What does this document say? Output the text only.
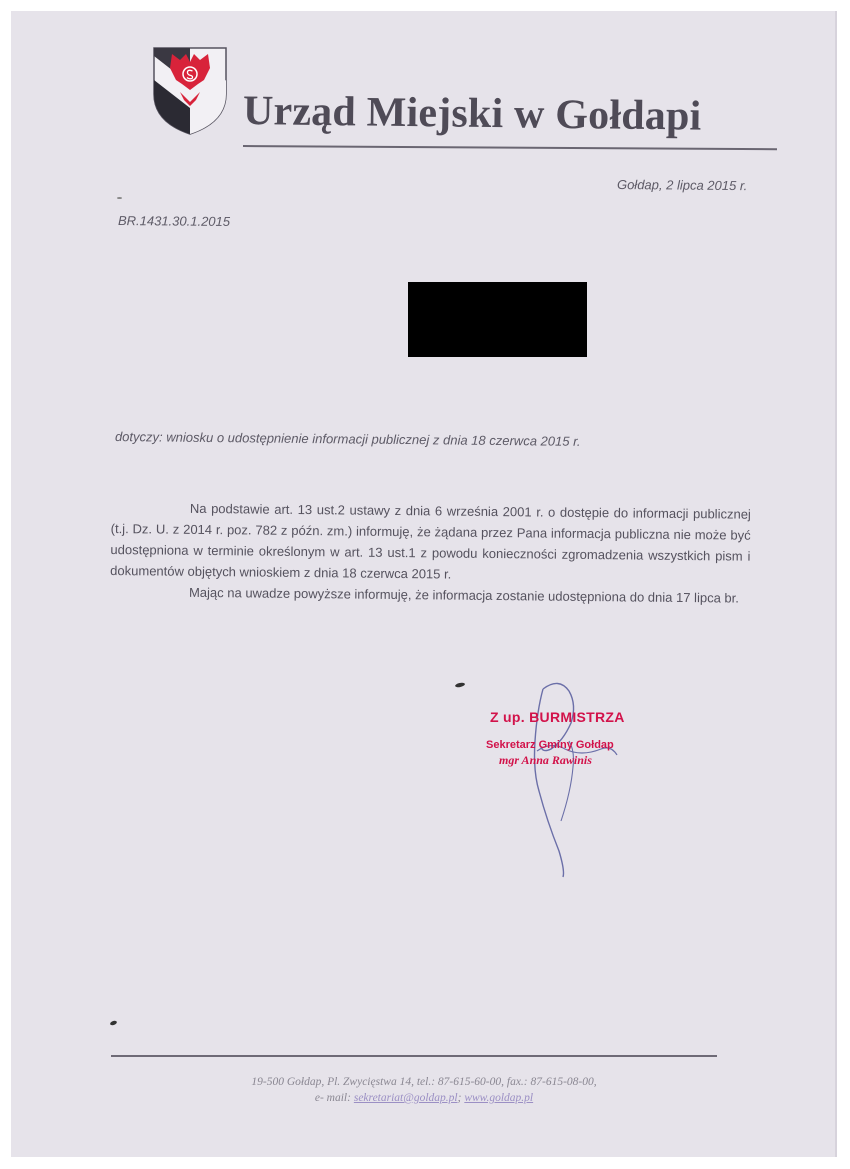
Urząd Miejski w Gołdapi
Gołdap, 2 lipca 2015 r.
BR.1431.30.1.2015
dotyczy: wniosku o udostępnienie informacji publicznej z dnia 18 czerwca 2015 r.

Na podstawie art. 13 ust.2 ustawy z dnia 6 września 2001 r. o dostępie do informacji publicznej (t.j. Dz. U. z 2014 r. poz. 782 z późn. zm.) informuję, że żądana przez Pana informacja publiczna nie może być udostępniona w terminie określonym w art. 13 ust.1 z powodu konieczności zgromadzenia wszystkich pism i dokumentów objętych wnioskiem z dnia 18 czerwca 2015 r.

Mając na uwadze powyższe informuję, że informacja zostanie udostępniona do dnia 17 lipca br.

Z up. BURMISTRZA
Sekretarz Gminy Gołdap
mgr Anna Rawinis
19-500 Gołdap, Pl. Zwycięstwa 14, tel.: 87-615-60-00, fax.: 87-615-08-00,
e- mail: sekretariat@goldap.pl; www.goldap.pl
